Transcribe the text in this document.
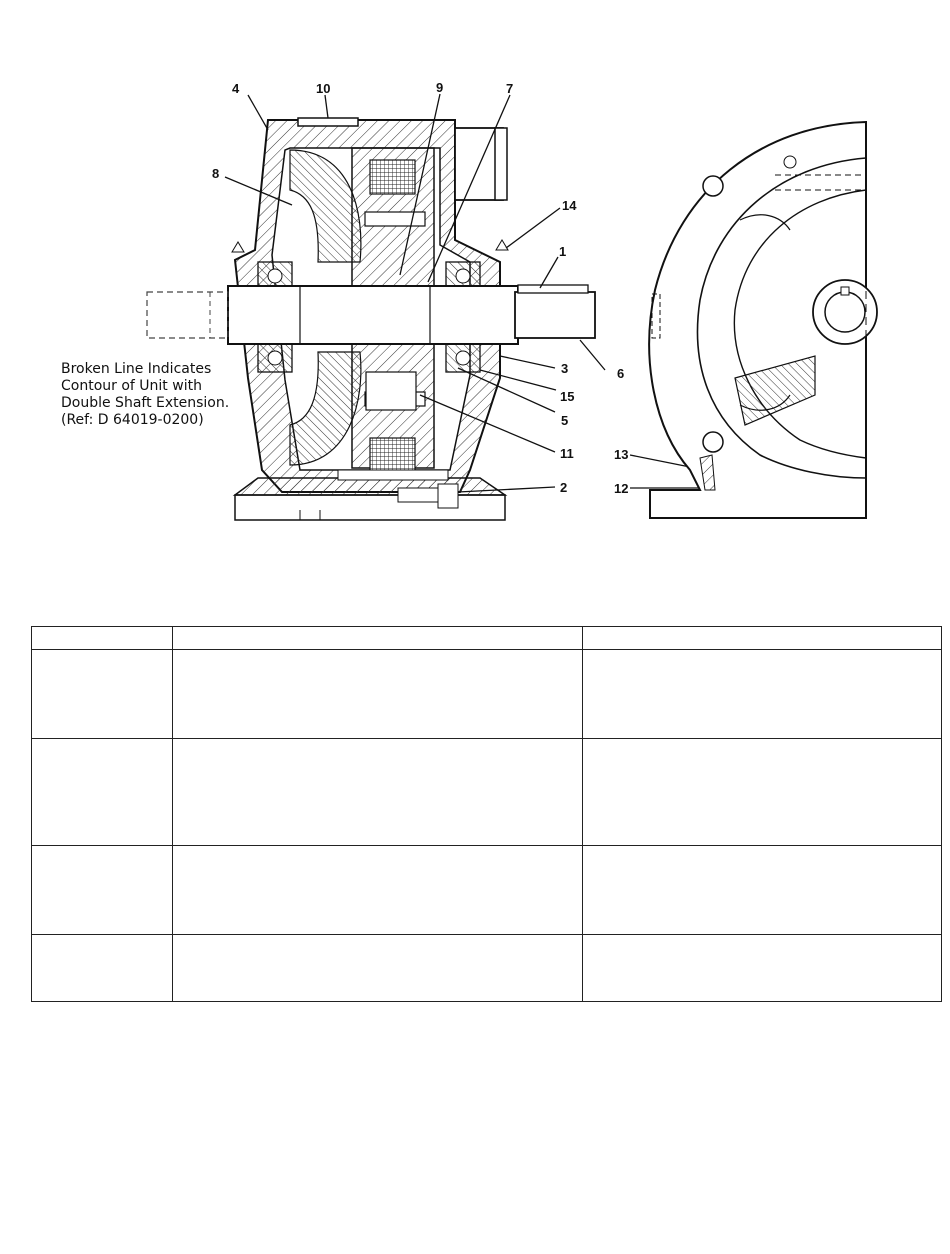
4	10	9	7
8
14
1
3	6
15
5
11
2
13
12
Broken Line Indicates
Contour of Unit with
Double Shaft Extension.
(Ref: D 64019-0200)
